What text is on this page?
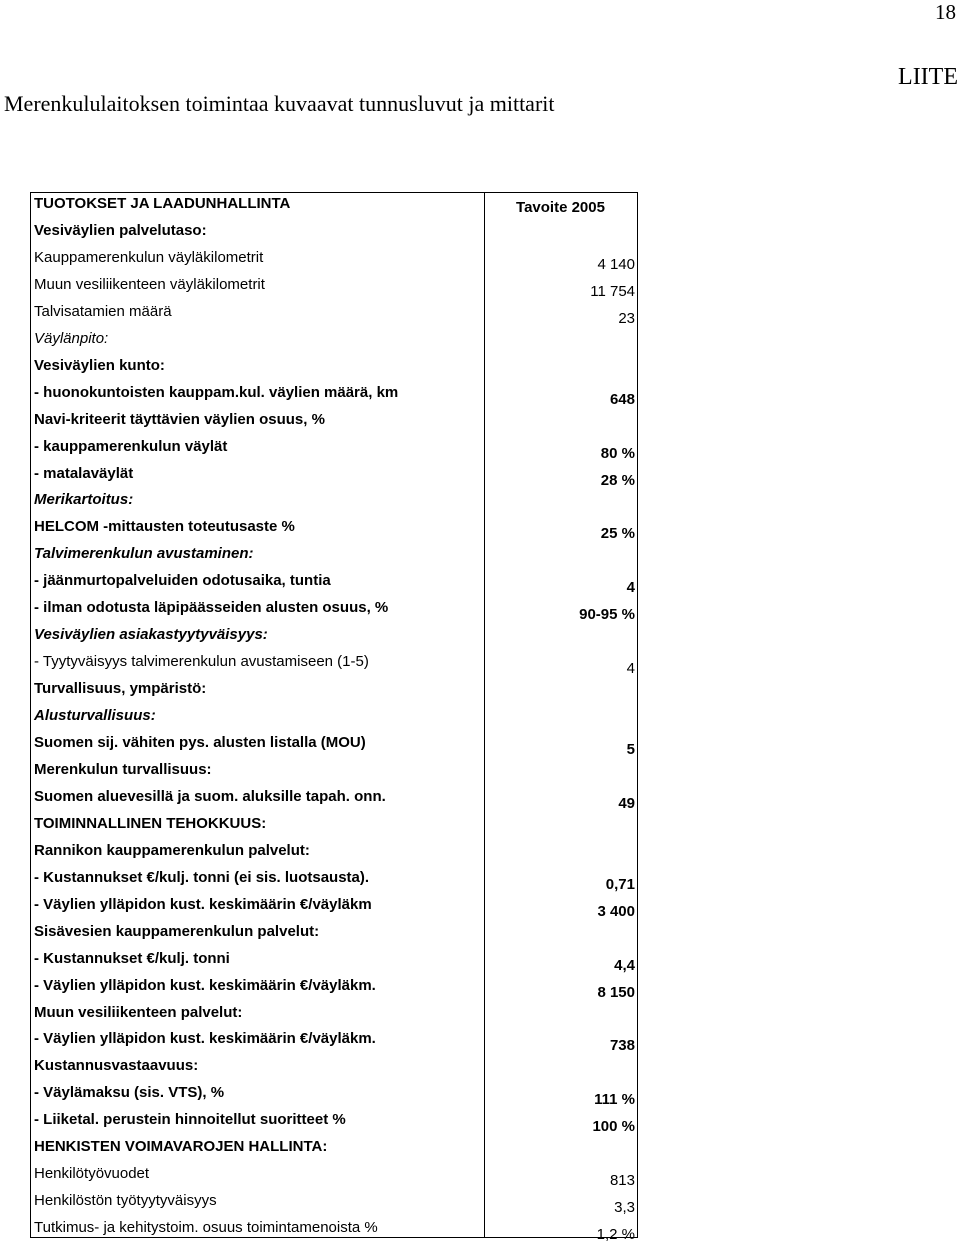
18
LIITE
Merenkululaitoksen toimintaa kuvaavat tunnusluvut ja mittarit
Tavoite 2005
TUOTOKSET JA LAADUNHALLINTA
Vesiväylien palvelutaso:
Kauppamerenkulun väyläkilometrit	4 140
Muun vesiliikenteen väyläkilometrit	11 754
Talvisatamien määrä	23
Väylänpito:
Vesiväylien kunto:
- huonokuntoisten kauppam.kul. väylien määrä, km	648
Navi-kriteerit täyttävien väylien osuus, %
- kauppamerenkulun väylät	80 %
- matalaväylät	28 %
Merikartoitus:
HELCOM -mittausten toteutusaste %	25 %
Talvimerenkulun avustaminen:
- jäänmurtopalveluiden odotusaika, tuntia	4
- ilman odotusta läpipäässeiden alusten osuus, %	90-95 %
Vesiväylien asiakastyytyväisyys:
- Tyytyväisyys talvimerenkulun avustamiseen (1-5)	4
Turvallisuus, ympäristö:
Alusturvallisuus:
Suomen sij. vähiten pys. alusten listalla (MOU)	5
Merenkulun turvallisuus:
Suomen aluevesillä ja suom. aluksille tapah. onn.	49
TOIMINNALLINEN TEHOKKUUS:
Rannikon kauppamerenkulun palvelut:
- Kustannukset €/kulj. tonni (ei sis. luotsausta).	0,71
- Väylien ylläpidon kust. keskimäärin €/väyläkm	3 400
Sisävesien kauppamerenkulun palvelut:
- Kustannukset €/kulj. tonni	4,4
- Väylien ylläpidon kust. keskimäärin €/väyläkm.	8 150
Muun vesiliikenteen palvelut:
- Väylien ylläpidon kust. keskimäärin €/väyläkm.	738
Kustannusvastaavuus:
- Väylämaksu (sis. VTS), %	111 %
- Liiketal. perustein hinnoitellut suoritteet %	100 %
HENKISTEN VOIMAVAROJEN HALLINTA:
Henkilötyövuodet	813
Henkilöstön työtyytyväisyys	3,3
Tutkimus- ja kehitystoim. osuus toimintamenoista %	1,2 %
